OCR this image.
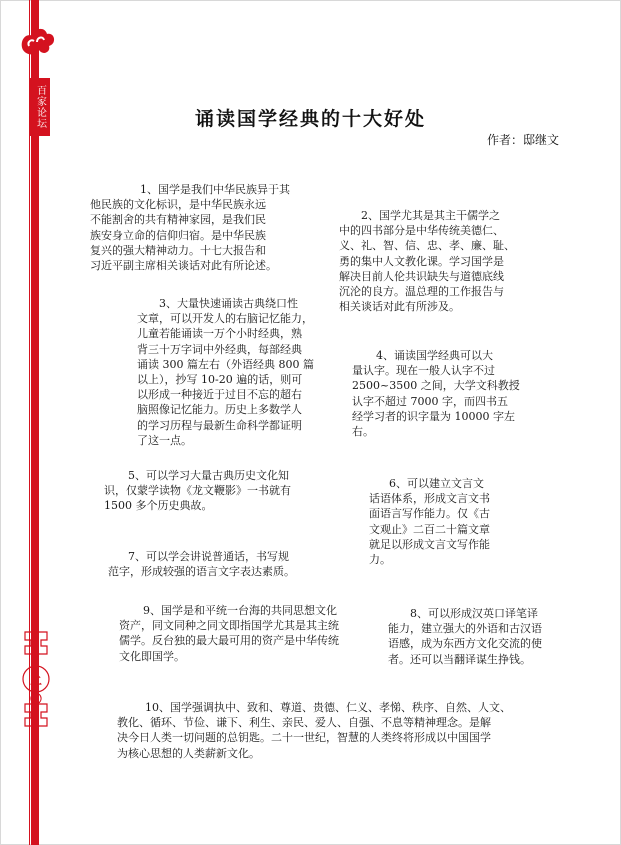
百家论坛
二〇
诵读国学经典的十大好处
作者：邸继文

1、国学是我们中华民族异于其

他民族的文化标识，是中华民族永远

不能割舍的共有精神家园，是我们民

族安身立命的信仰归宿。是中华民族

复兴的强大精神动力。十七大报告和

习近平副主席相关谈话对此有所论述。

2、国学尤其是其主干儒学之

中的四书部分是中华传统美德仁、

义、礼、智、信、忠、孝、廉、耻、

勇的集中人文教化课。学习国学是

解决目前人伦共识缺失与道德底线

沉沦的良方。温总理的工作报告与

相关谈话对此有所涉及。

3、大量快速诵读古典绕口性

文章，可以开发人的右脑记忆能力，

儿童若能诵读一万个小时经典，熟

背三十万字词中外经典，每部经典

诵读 300 篇左右（外语经典 800 篇

以上），抄写 10-20 遍的话，则可

以形成一种接近于过目不忘的超右

脑照像记忆能力。历史上多数学人

的学习历程与最新生命科学都证明

了这一点。

4、诵读国学经典可以大

量认字。现在一般人认字不过

2500~3500 之间，大学文科教授

认字不超过 7000 字，而四书五

经学习者的识字量为 10000 字左

右。

5、可以学习大量古典历史文化知

识，仅蒙学读物《龙文鞭影》一书就有

1500 多个历史典故。

6、可以建立文言文

话语体系，形成文言文书

面语言写作能力。仅《古

文观止》二百二十篇文章

就足以形成文言文写作能

力。

7、可以学会讲说普通话，书写规

范字，形成较强的语言文字表达素质。

9、国学是和平统一台海的共同思想文化

资产，同文同种之同文即指国学尤其是其主统

儒学。反台独的最大最可用的资产是中华传统

文化即国学。

8、可以形成汉英口译笔译

能力，建立强大的外语和古汉语

语感，成为东西方文化交流的使

者。还可以当翻译谋生挣钱。

10、国学强调执中、致和、尊道、贵德、仁义、孝悌、秩序、自然、人文、

教化、循环、节俭、谦下、利生、亲民、爱人、自强、不息等精神理念。是解

决今日人类一切问题的总钥匙。二十一世纪，智慧的人类终将形成以中国国学

为核心思想的人类薪新文化。
